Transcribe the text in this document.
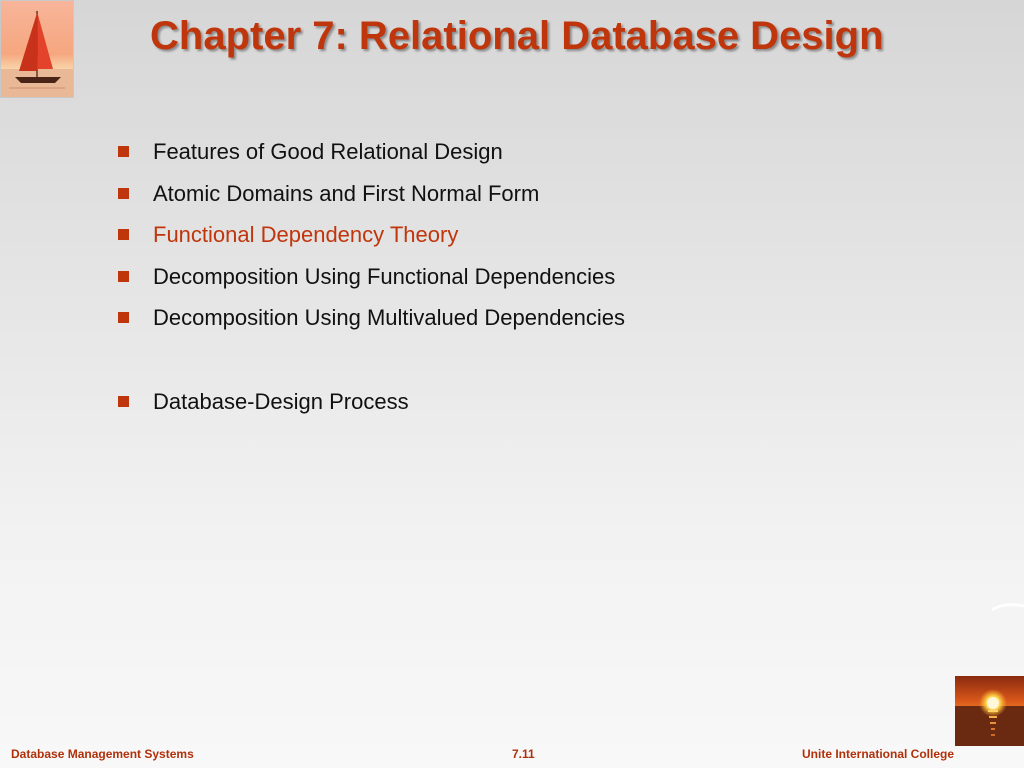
Chapter 7: Relational Database Design
Features of Good Relational Design
Atomic Domains and First Normal Form
Functional Dependency Theory
Decomposition Using Functional Dependencies
Decomposition Using Multivalued Dependencies
Database-Design Process
Database Management Systems	7.11	Unite International College
